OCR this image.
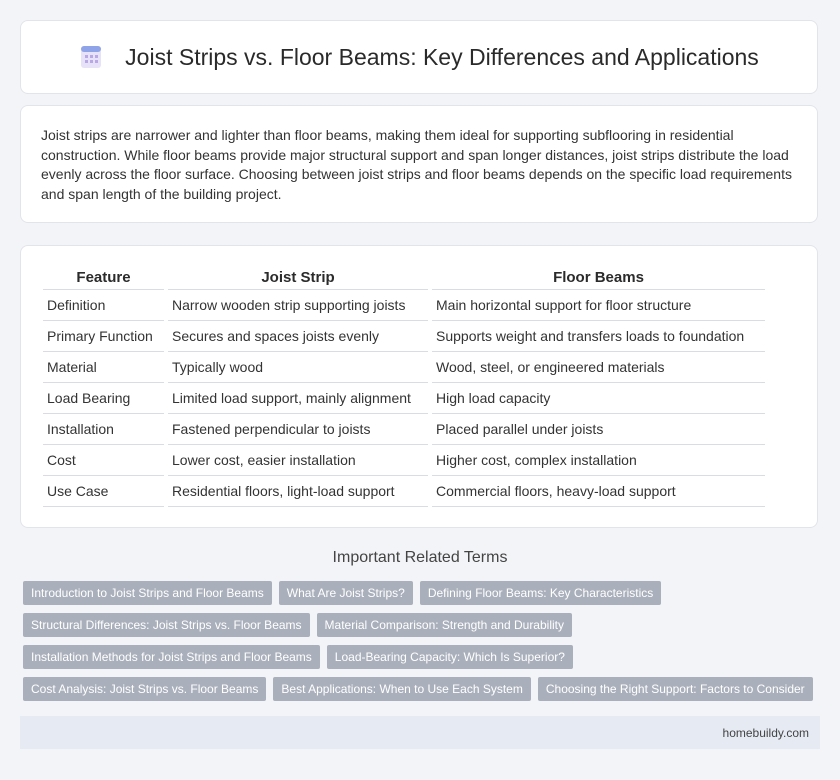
Joist Strips vs. Floor Beams: Key Differences and Applications

Joist strips are narrower and lighter than floor beams, making them ideal for supporting subflooring in residential construction. While floor beams provide major structural support and span longer distances, joist strips distribute the load evenly across the floor surface. Choosing between joist strips and floor beams depends on the specific load requirements and span length of the building project.

Feature	Joist Strip	Floor Beams
Definition	Narrow wooden strip supporting joists	Main horizontal support for floor structure
Primary Function	Secures and spaces joists evenly	Supports weight and transfers loads to foundation
Material	Typically wood	Wood, steel, or engineered materials
Load Bearing	Limited load support, mainly alignment	High load capacity
Installation	Fastened perpendicular to joists	Placed parallel under joists
Cost	Lower cost, easier installation	Higher cost, complex installation
Use Case	Residential floors, light-load support	Commercial floors, heavy-load support
Important Related Terms
Introduction to Joist Strips and Floor Beams	What Are Joist Strips?	Defining Floor Beams: Key Characteristics
Structural Differences: Joist Strips vs. Floor Beams	Material Comparison: Strength and Durability
Installation Methods for Joist Strips and Floor Beams	Load-Bearing Capacity: Which Is Superior?
Cost Analysis: Joist Strips vs. Floor Beams	Best Applications: When to Use Each System	Choosing the Right Support: Factors to Consider
homebuildy.com
